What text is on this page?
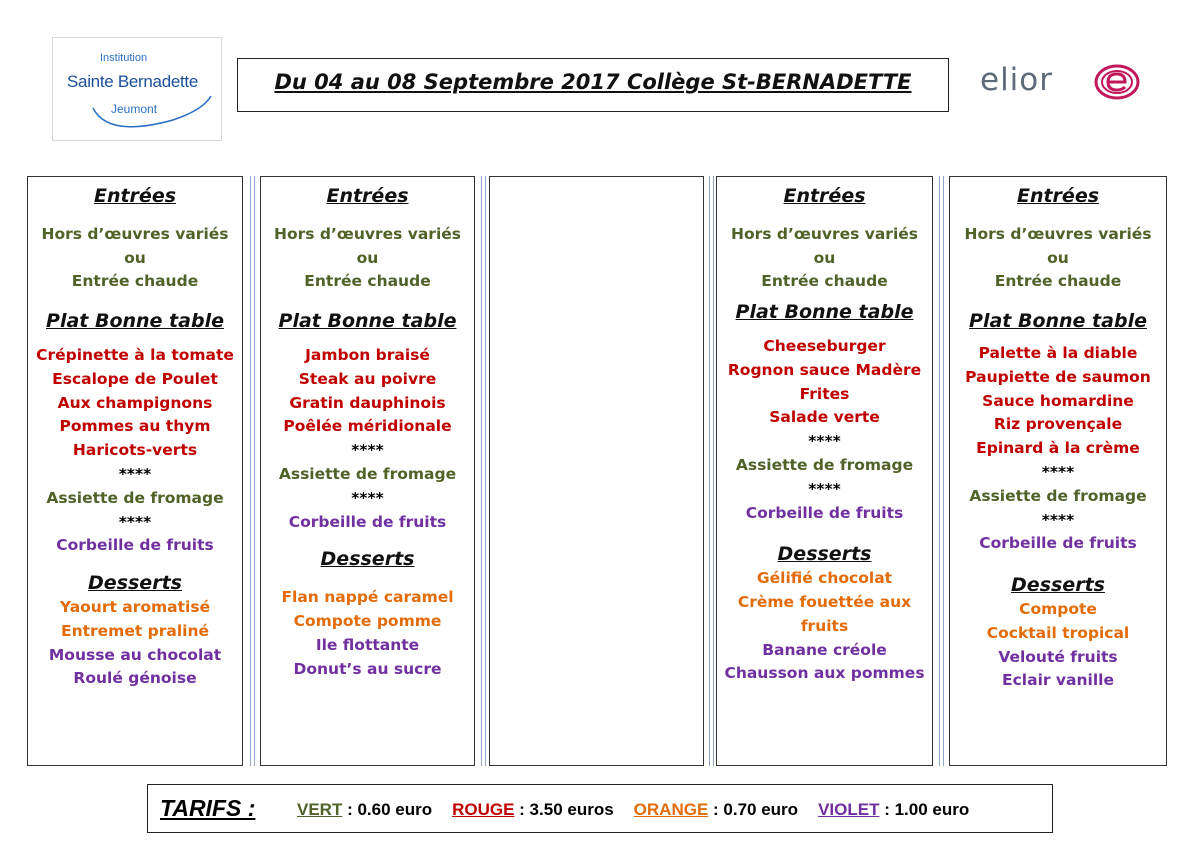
Institution
Sainte Bernadette
Jeumont
Du 04 au 08 Septembre 2017 Collège St-BERNADETTE	elior
Entrées
Hors d’œuvres variés
ou
Entrée chaude
Plat Bonne table
Crépinette à la tomate
Escalope de Poulet
Aux champignons
Pommes au thym
Haricots-verts
****
Assiette de fromage
****
Corbeille de fruits
Desserts
Yaourt aromatisé
Entremet praliné
Mousse au chocolat
Roulé génoise
Entrées
Hors d’œuvres variés
ou
Entrée chaude
Plat Bonne table
Jambon braisé
Steak au poivre
Gratin dauphinois
Poêlée méridionale
****
Assiette de fromage
****
Corbeille de fruits
Desserts
Flan nappé caramel
Compote pomme
Ile flottante
Donut’s au sucre
Entrées
Hors d’œuvres variés
ou
Entrée chaude
Plat Bonne table
Cheeseburger
Rognon sauce Madère
Frites
Salade verte
****
Assiette de fromage
****
Corbeille de fruits
Desserts
Gélifié chocolat
Crème fouettée aux
fruits
Banane créole
Chausson aux pommes
Entrées
Hors d’œuvres variés
ou
Entrée chaude
Plat Bonne table
Palette à la diable
Paupiette de saumon
Sauce homardine
Riz provençale
Epinard à la crème
****
Assiette de fromage
****
Corbeille de fruits
Desserts
Compote
Cocktail tropical
Velouté fruits
Eclair vanille
TARIFS : VERT : 0.60 euro ROUGE : 3.50 euros ORANGE : 0.70 euro VIOLET : 1.00 euro
